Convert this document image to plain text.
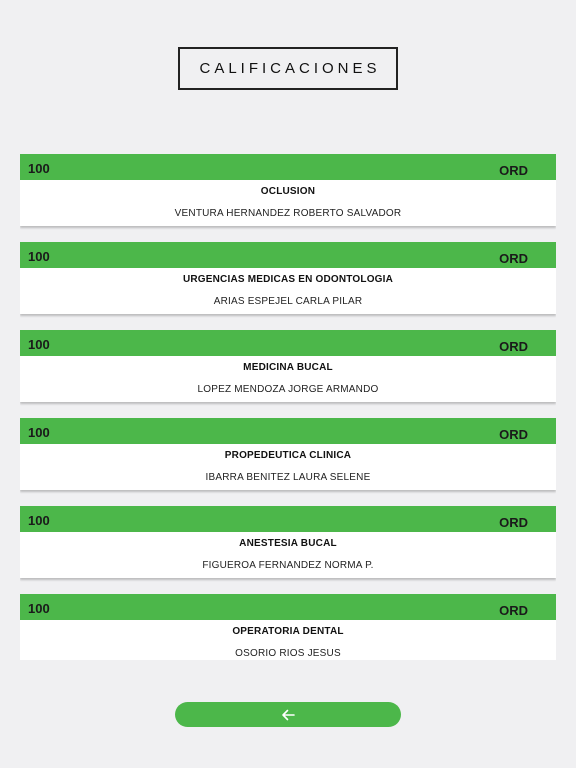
CALIFICACIONES
100	ORD
OCLUSION
VENTURA HERNANDEZ ROBERTO SALVADOR
100	ORD
URGENCIAS MEDICAS EN ODONTOLOGIA
ARIAS ESPEJEL CARLA PILAR
100	ORD
MEDICINA BUCAL
LOPEZ MENDOZA JORGE ARMANDO
100	ORD
PROPEDEUTICA CLINICA
IBARRA BENITEZ LAURA SELENE
100	ORD
ANESTESIA BUCAL
FIGUEROA FERNANDEZ NORMA P.
100	ORD
OPERATORIA DENTAL
OSORIO RIOS JESUS
